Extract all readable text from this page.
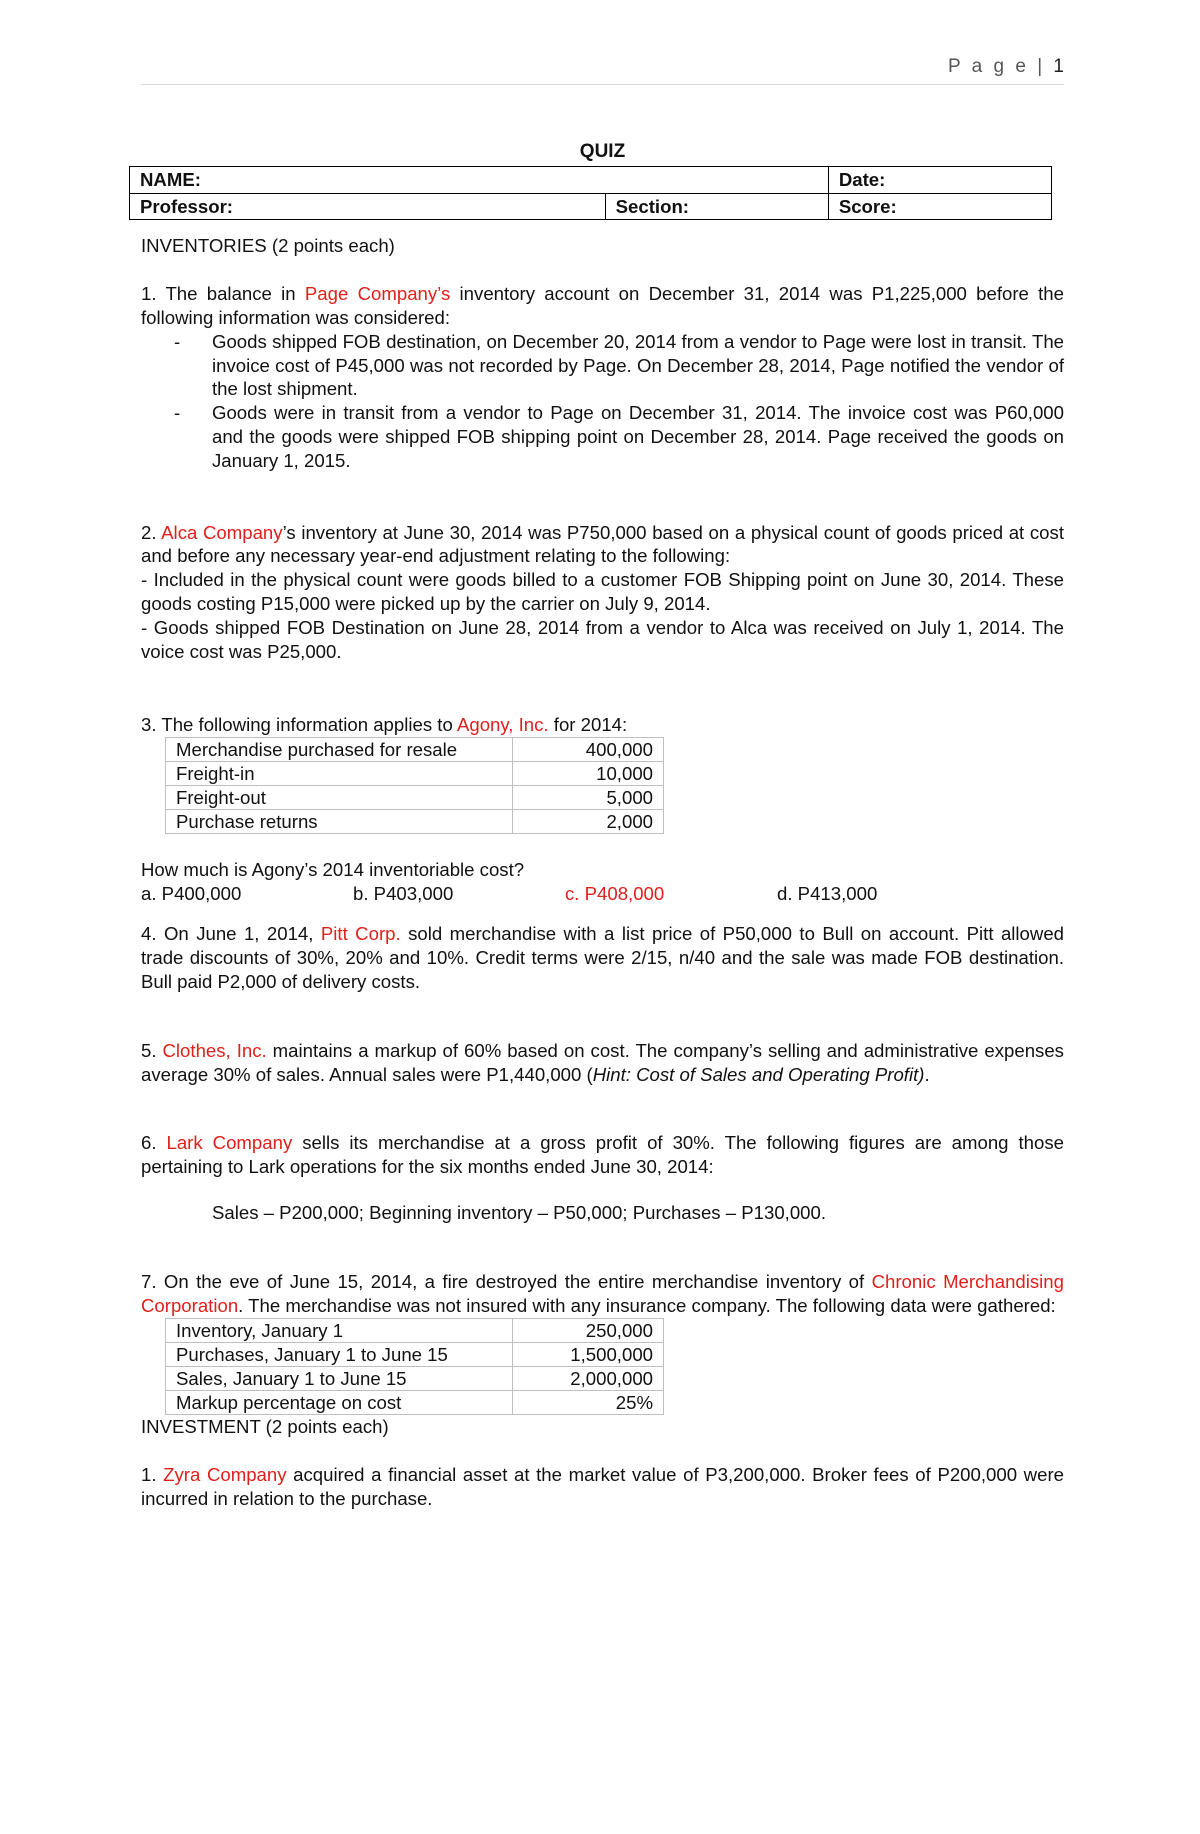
P a g e | 1
QUIZ
NAME:		Date:
Professor:	Section:	Score:

INVENTORIES (2 points each)

1. The balance in Page Company’s inventory account on December 31, 2014 was P1,225,000 before the following information was considered:

- Goods shipped FOB destination, on December 20, 2014 from a vendor to Page were lost in transit. The invoice cost of P45,000 was not recorded by Page. On December 28, 2014, Page notified the vendor of the lost shipment.
- Goods were in transit from a vendor to Page on December 31, 2014. The invoice cost was P60,000 and the goods were shipped FOB shipping point on December 28, 2014. Page received the goods on January 1, 2015.

2. Alca Company’s inventory at June 30, 2014 was P750,000 based on a physical count of goods priced at cost and before any necessary year-end adjustment relating to the following:

- Included in the physical count were goods billed to a customer FOB Shipping point on June 30, 2014. These goods costing P15,000 were picked up by the carrier on July 9, 2014.

- Goods shipped FOB Destination on June 28, 2014 from a vendor to Alca was received on July 1, 2014. The voice cost was P25,000.

3. The following information applies to Agony, Inc. for 2014:

Merchandise purchased for resale	400,000
Freight-in	10,000
Freight-out	5,000
Purchase returns	2,000

How much is Agony’s 2014 inventoriable cost?

a. P400,000	b. P403,000	c. P408,000	d. P413,000

4. On June 1, 2014, Pitt Corp. sold merchandise with a list price of P50,000 to Bull on account. Pitt allowed trade discounts of 30%, 20% and 10%. Credit terms were 2/15, n/40 and the sale was made FOB destination. Bull paid P2,000 of delivery costs.

5. Clothes, Inc. maintains a markup of 60% based on cost. The company’s selling and administrative expenses average 30% of sales. Annual sales were P1,440,000 (Hint: Cost of Sales and Operating Profit).

6. Lark Company sells its merchandise at a gross profit of 30%. The following figures are among those pertaining to Lark operations for the six months ended June 30, 2014:

Sales – P200,000; Beginning inventory – P50,000; Purchases – P130,000.

7. On the eve of June 15, 2014, a fire destroyed the entire merchandise inventory of Chronic Merchandising Corporation. The merchandise was not insured with any insurance company. The following data were gathered:

Inventory, January 1	250,000
Purchases, January 1 to June 15	1,500,000
Sales, January 1 to June 15	2,000,000
Markup percentage on cost	25%

INVESTMENT (2 points each)

1. Zyra Company acquired a financial asset at the market value of P3,200,000. Broker fees of P200,000 were incurred in relation to the purchase.
